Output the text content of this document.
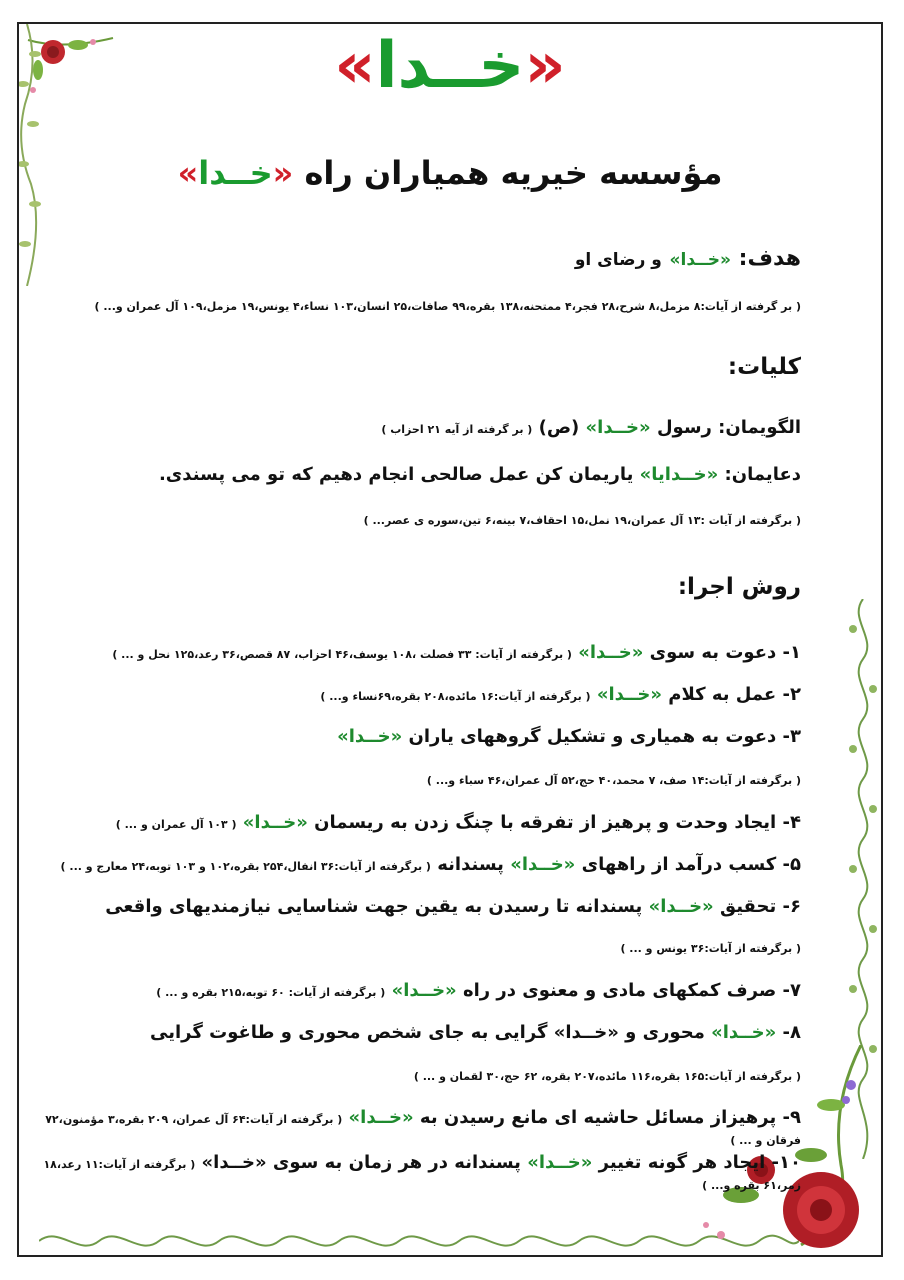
«خــدا»
مؤسسه خیریه همیاران راه «خــدا»
هدف: «خــدا» و رضای او
( بر گرفته از آیات:۸ مزمل،۸ شرح،۲۸ فجر،۴ ممتحنه،۱۳۸ بقره،۹۹ صافات،۲۵ انسان،۱۰۳ نساء،۴ یونس،۱۹ مزمل،۱۰۹ آل عمران و... )
کلیات:
الگویمان: رسول «خــدا» (ص) ( بر گرفته از آیه ۲۱ احزاب )
دعایمان: «خــدایا» یاریمان کن عمل صالحی انجام دهیم که تو می پسندی.
( برگرفته از آیات :۱۳ آل عمران،۱۹ نمل،۱۵ احقاف،۷ بینه،۶ تین،سوره ی عصر... )
روش اجرا:
۱- دعوت به سوی «خــدا» ( برگرفته از آیات: ۳۳ فصلت ،۱۰۸ یوسف،۴۶ احزاب، ۸۷ قصص،۳۶ رعد،۱۲۵ نحل و ... )
۲- عمل به کلام «خــدا» ( برگرفته از آیات:۱۶ مائده،۲۰۸ بقره،۶۹نساء و... )
۳- دعوت به همیاری و تشکیل گروههای یاران «خــدا»
( برگرفته از آیات:۱۴ صف، ۷ محمد،۴۰ حج،۵۲ آل عمران،۴۶ سباء و... )
۴- ایجاد وحدت و پرهیز از تفرقه با چنگ زدن به ریسمان «خــدا» ( ۱۰۳ آل عمران و ... )
۵- کسب درآمد از راههای «خــدا» پسندانه ( برگرفته از آیات:۳۶ انفال،۲۵۴ بقره،۱۰۲ و ۱۰۳ توبه،۲۴ معارج و ... )
۶- تحقیق «خــدا» پسندانه تا رسیدن به یقین جهت شناسایی نیازمندیهای واقعی
( برگرفته از آیات:۳۶ یونس و ... )
۷- صرف کمکهای مادی و معنوی در راه «خــدا» ( برگرفته از آیات: ۶۰ توبه،۲۱۵ بقره و ... )
۸- «خــدا» محوری و «خــدا» گرایی به جای شخص محوری و طاغوت گرایی
( برگرفته از آیات:۱۶۵ بقره،۱۱۶ مائده،۲۰۷ بقره، ۶۲ حج،۳۰ لقمان و ... )
۹- پرهیزاز مسائل حاشیه ای مانع رسیدن به «خــدا» ( برگرفته از آیات:۶۴ آل عمران، ۲۰۹ بقره،۳ مؤمنون،۷۲ فرقان و ... )
۱۰- ایجاد هر گونه تغییر «خــدا» پسندانه در هر زمان به سوی «خــدا» ( برگرفته از آیات:۱۱ رعد،۱۸ زمر،۶۱ بقره و... )
